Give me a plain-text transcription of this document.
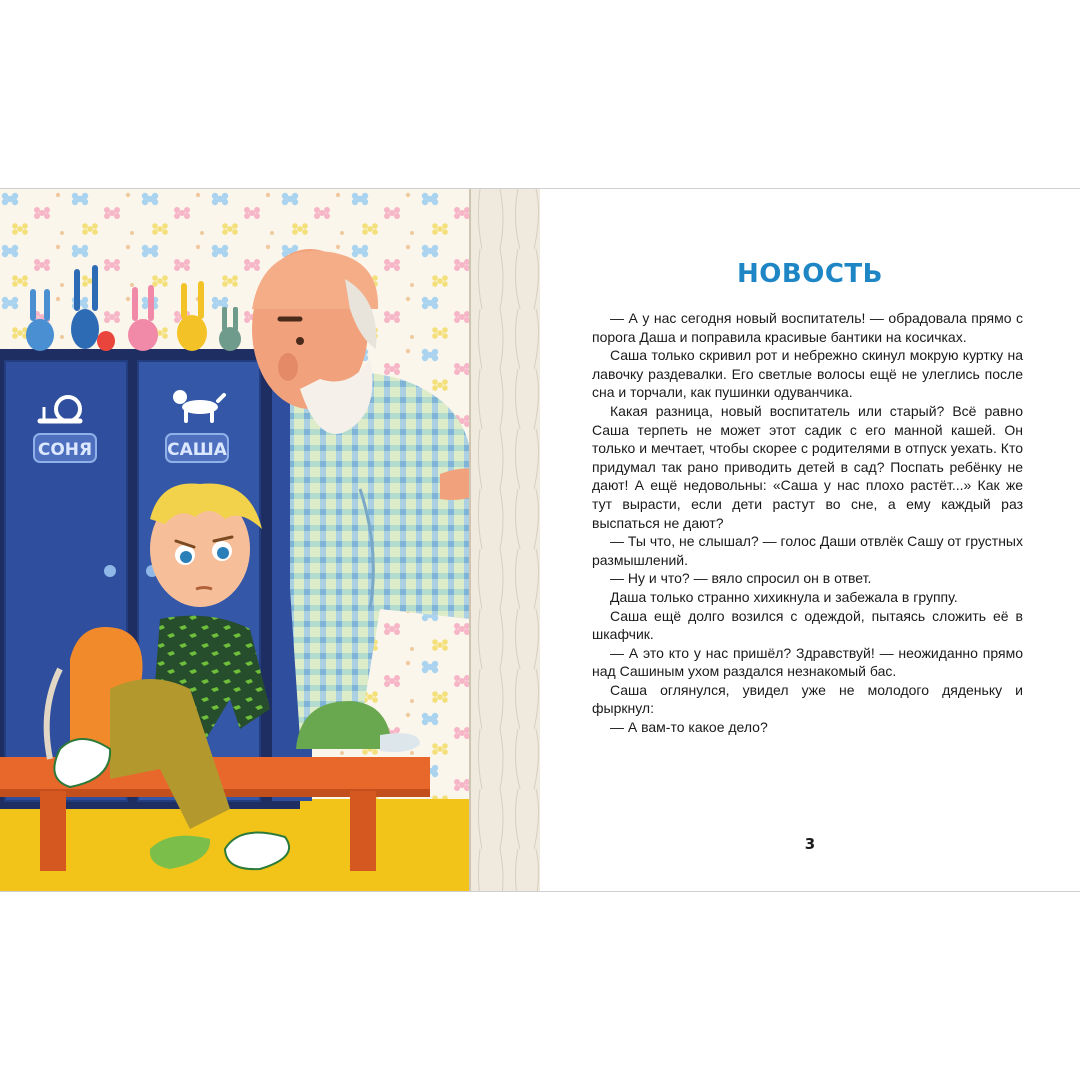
СОНЯ	САША
НОВОСТЬ

— А у нас сегодня новый воспитатель! — обрадовала прямо с порога Даша и поправила красивые бантики на косичках.

Саша только скривил рот и небрежно скинул мокрую куртку на лавочку раздевалки. Его светлые волосы ещё не улеглись после сна и торчали, как пушинки одуванчика.

Какая разница, новый воспитатель или старый? Всё равно Саша терпеть не может этот садик с его манной кашей. Он только и мечтает, чтобы скорее с родителями в отпуск уехать. Кто придумал так рано приводить детей в сад? Поспать ребёнку не дают! А ещё недовольны: «Саша у нас плохо растёт...» Как же тут вырасти, если дети растут во сне, а ему каждый раз выспаться не дают?

— Ты что, не слышал? — голос Даши отвлёк Сашу от грустных размышлений.

— Ну и что? — вяло спросил он в ответ.

Даша только странно хихикнула и забежала в группу.

Саша ещё долго возился с одеждой, пытаясь сложить её в шкафчик.

— А это кто у нас пришёл? Здравствуй! — неожиданно прямо над Сашиным ухом раздался незнакомый бас.

Саша оглянулся, увидел уже не молодого дяденьку и фыркнул:

— А вам-то какое дело?

3
